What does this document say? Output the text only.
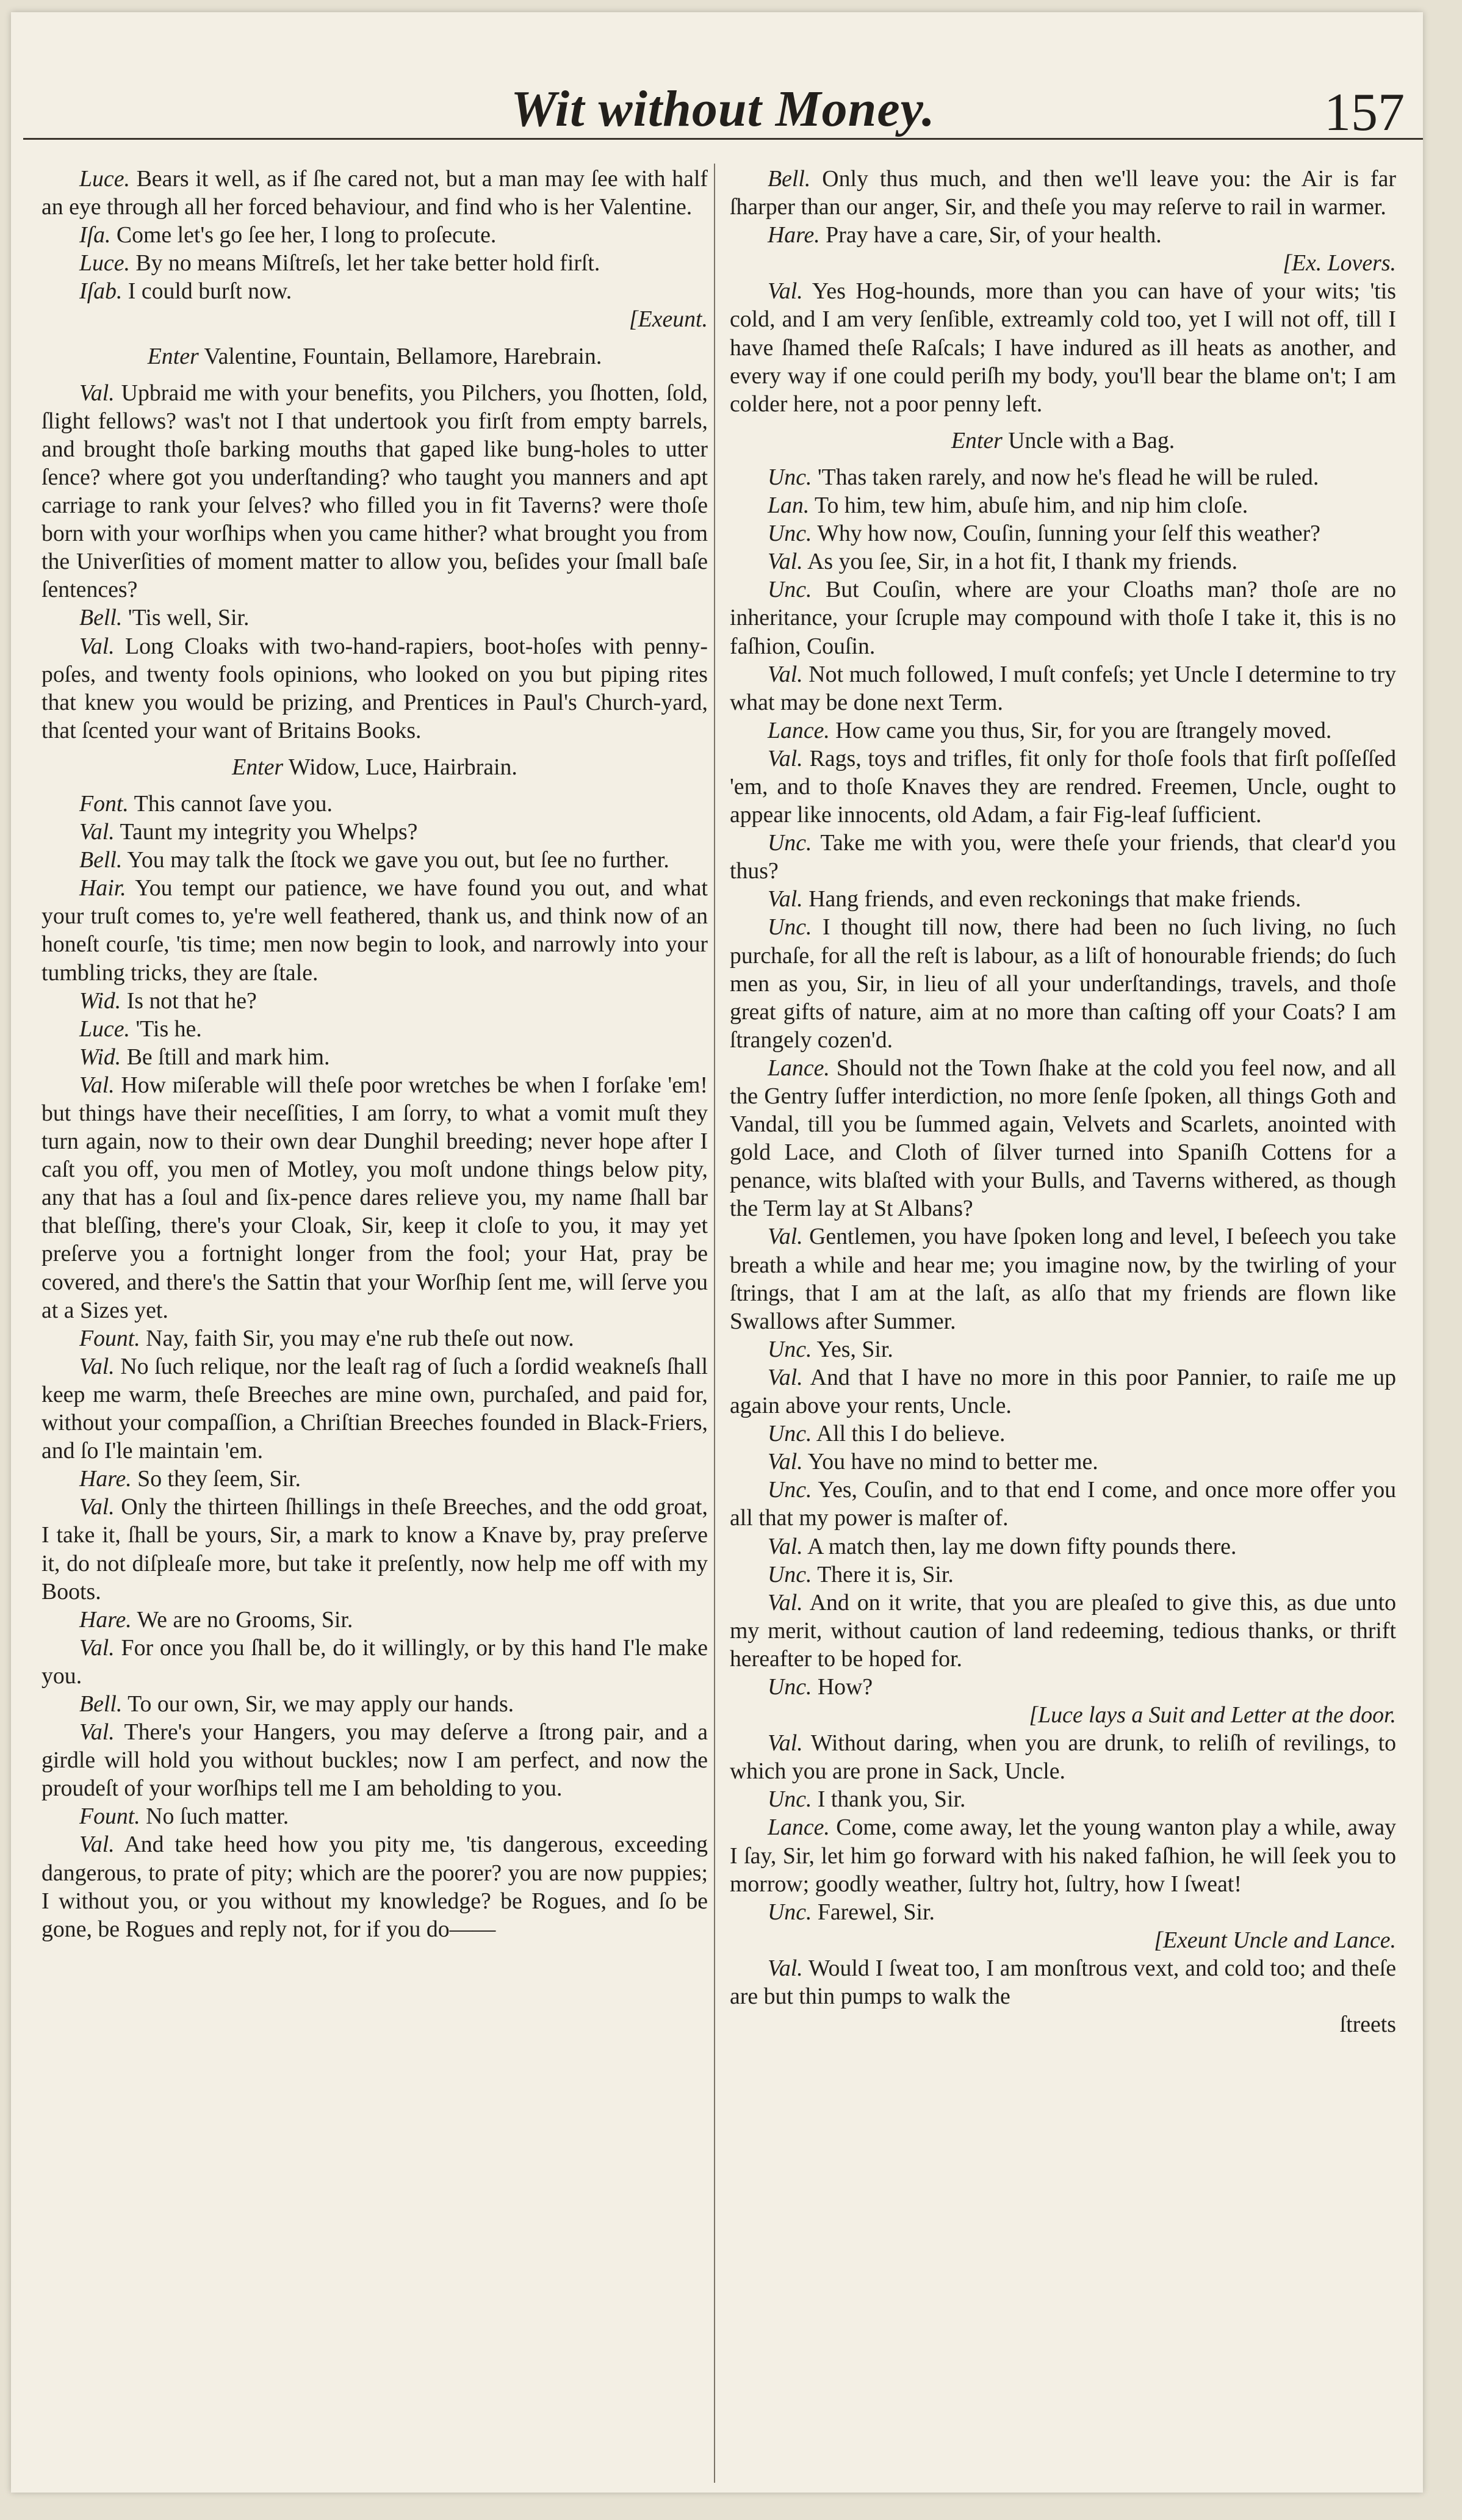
Wit without Money.	157

Luce. Bears it well, as if ſhe cared not, but a man may ſee with half an eye through all her forced behaviour, and find who is her Valentine.

Iſa. Come let's go ſee her, I long to proſecute.

Luce. By no means Miſtreſs, let her take better hold firſt.

Iſab. I could burſt now.

[Exeunt.

Enter Valentine, Fountain, Bellamore, Harebrain.

Val. Upbraid me with your benefits, you Pilchers, you ſhotten, ſold, ſlight fellows? was't not I that undertook you firſt from empty barrels, and brought thoſe barking mouths that gaped like bung-holes to utter ſence? where got you underſtanding? who taught you manners and apt carriage to rank your ſelves? who filled you in fit Taverns? were thoſe born with your worſhips when you came hither? what brought you from the Univerſities of moment matter to allow you, beſides your ſmall baſe ſentences?

Bell. 'Tis well, Sir.

Val. Long Cloaks with two-hand-rapiers, boot-hoſes with penny-poſes, and twenty fools opinions, who looked on you but piping rites that knew you would be prizing, and Prentices in Paul's Church-yard, that ſcented your want of Britains Books.

Enter Widow, Luce, Hairbrain.

Font. This cannot ſave you.

Val. Taunt my integrity you Whelps?

Bell. You may talk the ſtock we gave you out, but ſee no further.

Hair. You tempt our patience, we have found you out, and what your truſt comes to, ye're well feathered, thank us, and think now of an honeſt courſe, 'tis time; men now begin to look, and narrowly into your tumbling tricks, they are ſtale.

Wid. Is not that he?

Luce. 'Tis he.

Wid. Be ſtill and mark him.

Val. How miſerable will theſe poor wretches be when I forſake 'em! but things have their neceſſities, I am ſorry, to what a vomit muſt they turn again, now to their own dear Dunghil breeding; never hope after I caſt you off, you men of Motley, you moſt undone things below pity, any that has a ſoul and ſix-pence dares relieve you, my name ſhall bar that bleſſing, there's your Cloak, Sir, keep it cloſe to you, it may yet preſerve you a fortnight longer from the fool; your Hat, pray be covered, and there's the Sattin that your Worſhip ſent me, will ſerve you at a Sizes yet.

Fount. Nay, faith Sir, you may e'ne rub theſe out now.

Val. No ſuch relique, nor the leaſt rag of ſuch a ſordid weakneſs ſhall keep me warm, theſe Breeches are mine own, purchaſed, and paid for, without your compaſſion, a Chriſtian Breeches founded in Black-Friers, and ſo I'le maintain 'em.

Hare. So they ſeem, Sir.

Val. Only the thirteen ſhillings in theſe Breeches, and the odd groat, I take it, ſhall be yours, Sir, a mark to know a Knave by, pray preſerve it, do not diſpleaſe more, but take it preſently, now help me off with my Boots.

Hare. We are no Grooms, Sir.

Val. For once you ſhall be, do it willingly, or by this hand I'le make you.

Bell. To our own, Sir, we may apply our hands.

Val. There's your Hangers, you may deſerve a ſtrong pair, and a girdle will hold you without buckles; now I am perfect, and now the proudeſt of your worſhips tell me I am beholding to you.

Fount. No ſuch matter.

Val. And take heed how you pity me, 'tis dangerous, exceeding dangerous, to prate of pity; which are the poorer? you are now puppies; I without you, or you without my knowledge? be Rogues, and ſo be gone, be Rogues and reply not, for if you do——

Bell. Only thus much, and then we'll leave you: the Air is far ſharper than our anger, Sir, and theſe you may reſerve to rail in warmer.

Hare. Pray have a care, Sir, of your health.

[Ex. Lovers.

Val. Yes Hog-hounds, more than you can have of your wits; 'tis cold, and I am very ſenſible, extreamly cold too, yet I will not off, till I have ſhamed theſe Raſcals; I have indured as ill heats as another, and every way if one could periſh my body, you'll bear the blame on't; I am colder here, not a poor penny left.

Enter Uncle with a Bag.

Unc. 'Thas taken rarely, and now he's flead he will be ruled.

Lan. To him, tew him, abuſe him, and nip him cloſe.

Unc. Why how now, Couſin, ſunning your ſelf this weather?

Val. As you ſee, Sir, in a hot fit, I thank my friends.

Unc. But Couſin, where are your Cloaths man? thoſe are no inheritance, your ſcruple may compound with thoſe I take it, this is no faſhion, Couſin.

Val. Not much followed, I muſt confeſs; yet Uncle I determine to try what may be done next Term.

Lance. How came you thus, Sir, for you are ſtrangely moved.

Val. Rags, toys and trifles, fit only for thoſe fools that firſt poſſeſſed 'em, and to thoſe Knaves they are rendred. Freemen, Uncle, ought to appear like innocents, old Adam, a fair Fig-leaf ſufficient.

Unc. Take me with you, were theſe your friends, that clear'd you thus?

Val. Hang friends, and even reckonings that make friends.

Unc. I thought till now, there had been no ſuch living, no ſuch purchaſe, for all the reſt is labour, as a liſt of honourable friends; do ſuch men as you, Sir, in lieu of all your underſtandings, travels, and thoſe great gifts of nature, aim at no more than caſting off your Coats? I am ſtrangely cozen'd.

Lance. Should not the Town ſhake at the cold you feel now, and all the Gentry ſuffer interdiction, no more ſenſe ſpoken, all things Goth and Vandal, till you be ſummed again, Velvets and Scarlets, anointed with gold Lace, and Cloth of ſilver turned into Spaniſh Cottens for a penance, wits blaſted with your Bulls, and Taverns withered, as though the Term lay at St Albans?

Val. Gentlemen, you have ſpoken long and level, I beſeech you take breath a while and hear me; you imagine now, by the twirling of your ſtrings, that I am at the laſt, as alſo that my friends are flown like Swallows after Summer.

Unc. Yes, Sir.

Val. And that I have no more in this poor Pannier, to raiſe me up again above your rents, Uncle.

Unc. All this I do believe.

Val. You have no mind to better me.

Unc. Yes, Couſin, and to that end I come, and once more offer you all that my power is maſter of.

Val. A match then, lay me down fifty pounds there.

Unc. There it is, Sir.

Val. And on it write, that you are pleaſed to give this, as due unto my merit, without caution of land redeeming, tedious thanks, or thrift hereafter to be hoped for.

Unc. How?

[Luce lays a Suit and Letter at the door.

Val. Without daring, when you are drunk, to reliſh of revilings, to which you are prone in Sack, Uncle.

Unc. I thank you, Sir.

Lance. Come, come away, let the young wanton play a while, away I ſay, Sir, let him go forward with his naked faſhion, he will ſeek you to morrow; goodly weather, ſultry hot, ſultry, how I ſweat!

Unc. Farewel, Sir.

[Exeunt Uncle and Lance.

Val. Would I ſweat too, I am monſtrous vext, and cold too; and theſe are but thin pumps to walk the

ſtreets
